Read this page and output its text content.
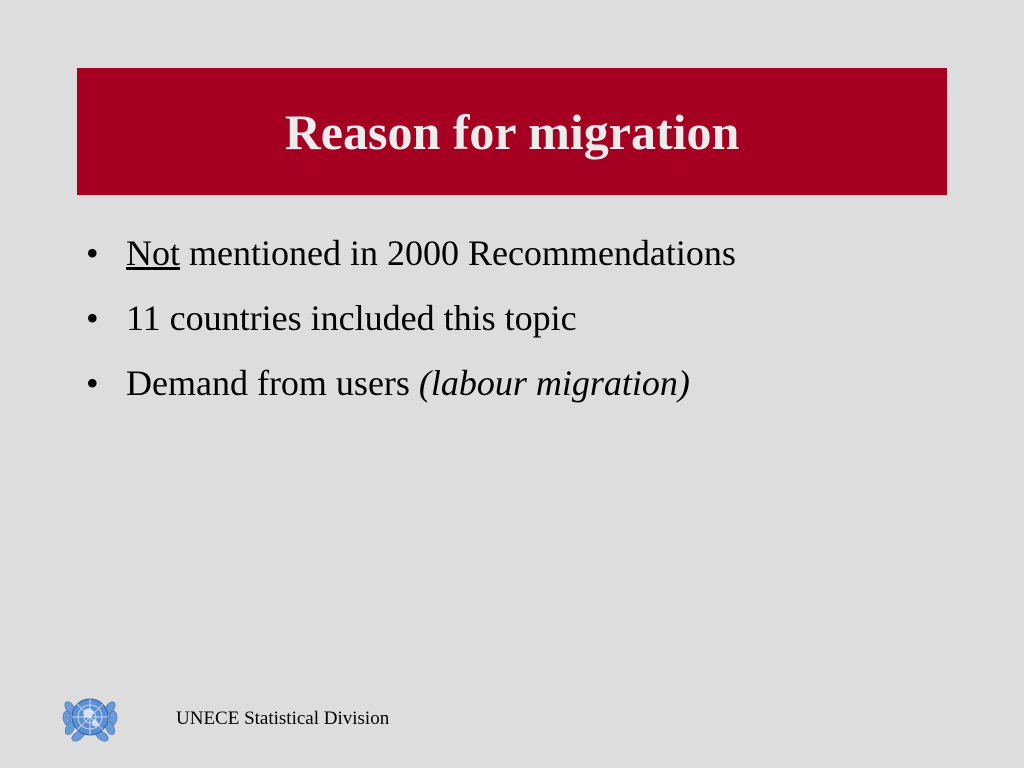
Reason for migration
• Not mentioned in 2000 Recommendations
• 11 countries included this topic
• Demand from users (labour migration)
UNECE Statistical Division
